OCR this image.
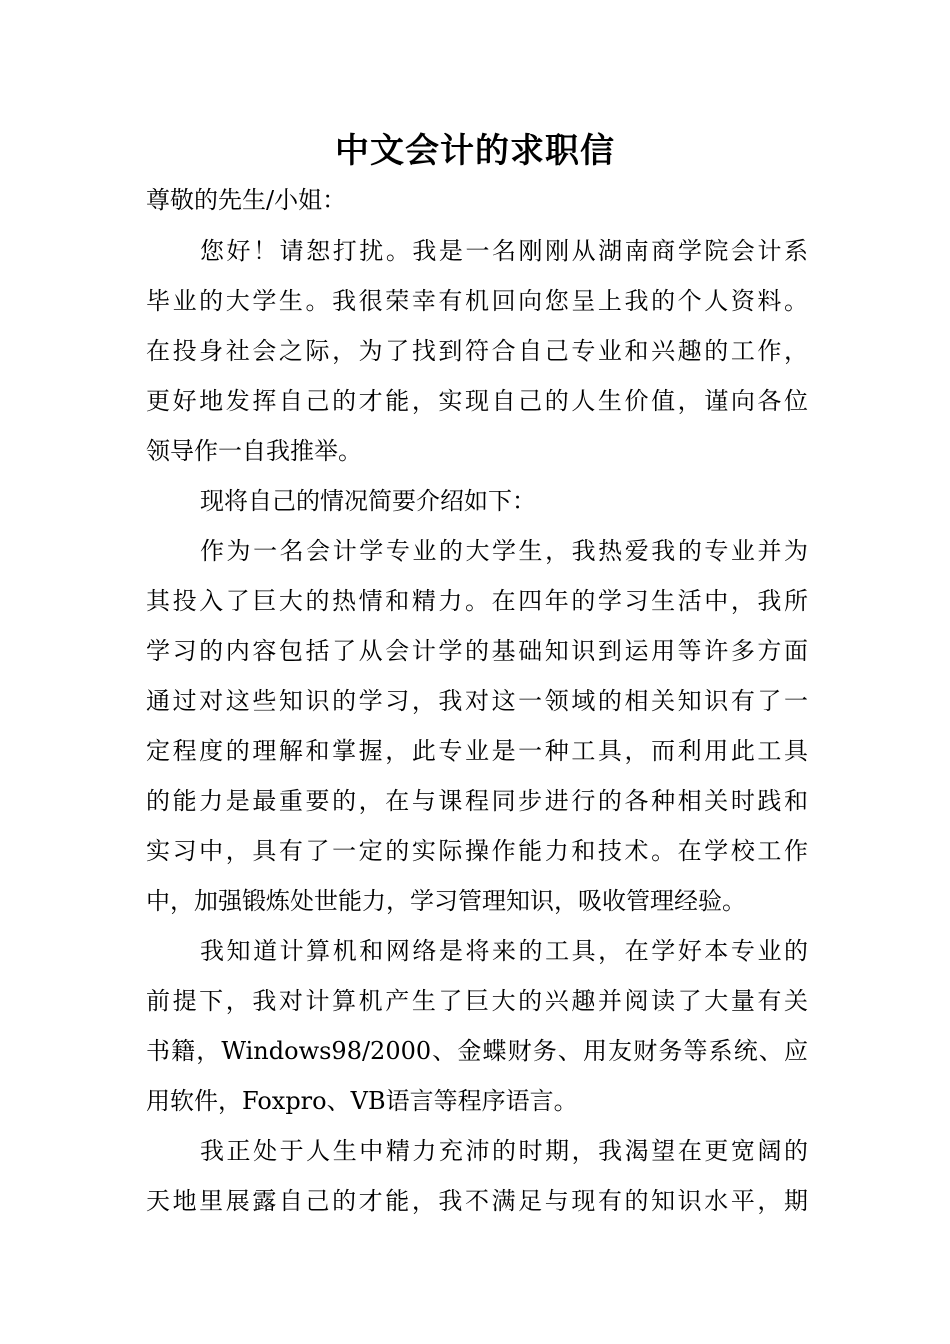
中文会计的求职信
尊敬的先生/小姐：

您好！请恕打扰。我是一名刚刚从湖南商学院会计系
毕业的大学生。我很荣幸有机回向您呈上我的个人资料。
在投身社会之际，为了找到符合自己专业和兴趣的工作，
更好地发挥自己的才能，实现自己的人生价值，谨向各位
领导作一自我推举。

现将自己的情况简要介绍如下：

作为一名会计学专业的大学生，我热爱我的专业并为
其投入了巨大的热情和精力。在四年的学习生活中，我所
学习的内容包括了从会计学的基础知识到运用等许多方面
通过对这些知识的学习，我对这一领域的相关知识有了一
定程度的理解和掌握，此专业是一种工具，而利用此工具
的能力是最重要的，在与课程同步进行的各种相关时践和
实习中，具有了一定的实际操作能力和技术。在学校工作
中，加强锻炼处世能力，学习管理知识，吸收管理经验。

我知道计算机和网络是将来的工具，在学好本专业的
前提下，我对计算机产生了巨大的兴趣并阅读了大量有关
书籍，Windows98/2000、金蝶财务、用友财务等系统、应
用软件，Foxpro、VB语言等程序语言。

我正处于人生中精力充沛的时期，我渴望在更宽阔的
天地里展露自己的才能，我不满足与现有的知识水平，期
